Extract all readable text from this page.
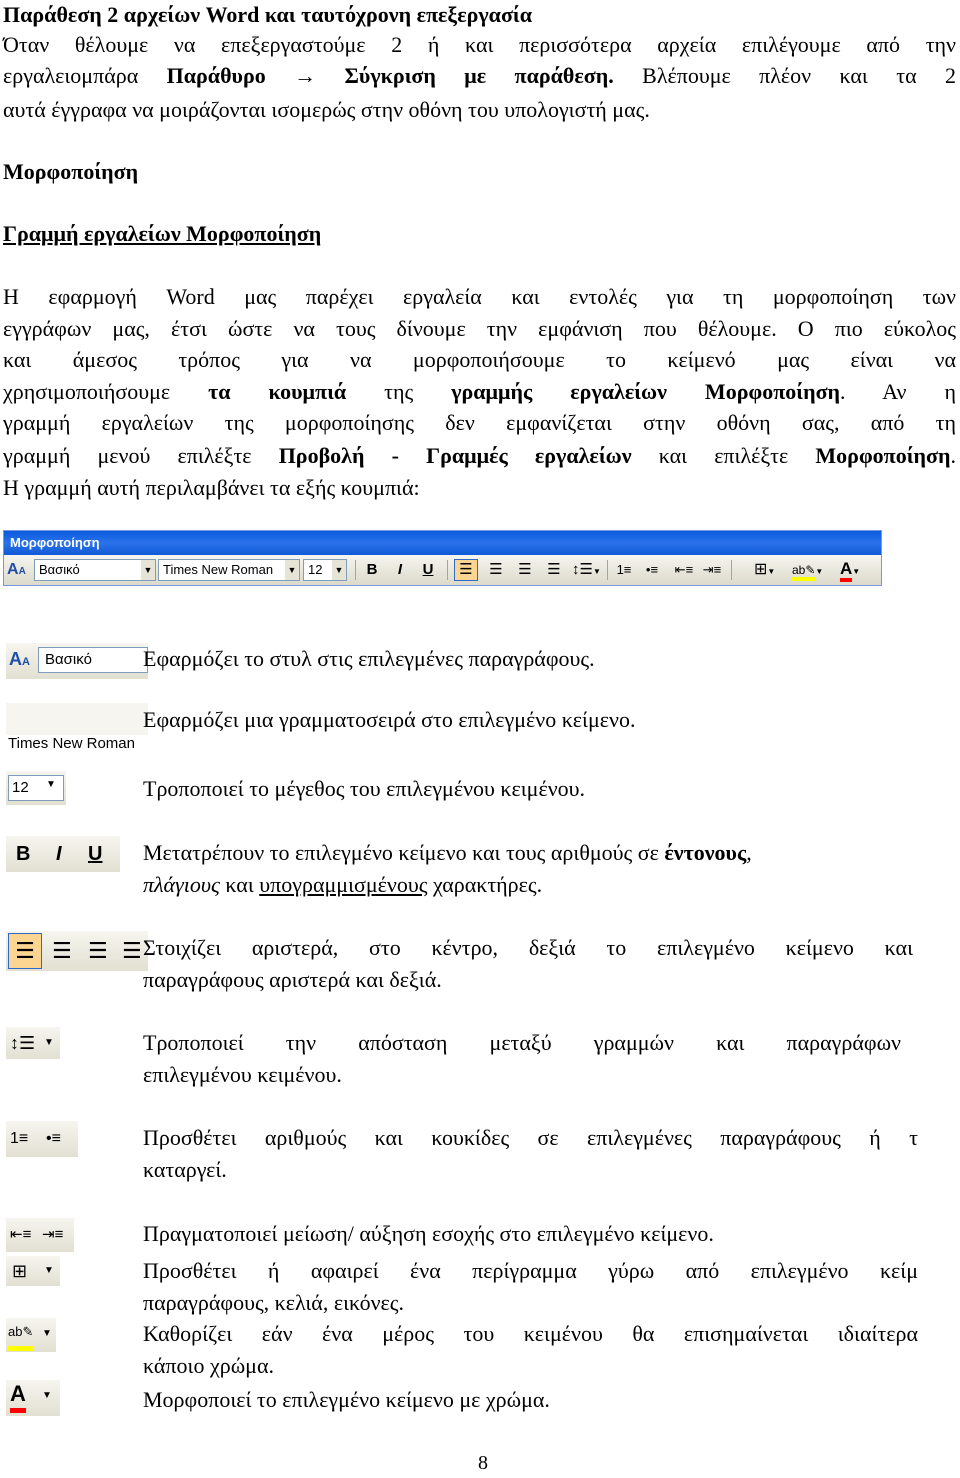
Παράθεση 2 αρχείων Word και ταυτόχρονη επεξεργασία
Όταν θέλουμε να επεξεργαστούμε 2 ή και περισσότερα αρχεία επιλέγουμε από την
εργαλειομπάρα Παράθυρο → Σύγκριση με παράθεση. Βλέπουμε πλέον και τα 2
αυτά έγγραφα να μοιράζονται ισομερώς στην οθόνη του υπολογιστή μας.
Μορφοποίηση
Γραμμή εργαλείων Μορφοποίηση
Η εφαρμογή Word μας παρέχει εργαλεία και εντολές για τη μορφοποίηση των
εγγράφων μας, έτσι ώστε να τους δίνουμε την εμφάνιση που θέλουμε. Ο πιο εύκολος
και άμεσος τρόπος για να μορφοποιήσουμε το κείμενό μας είναι να
χρησιμοποιήσουμε τα κουμπιά της γραμμής εργαλείων Μορφοποίηση. Αν η
γραμμή εργαλείων της μορφοποίησης δεν εμφανίζεται στην οθόνη σας, από τη
γραμμή μενού επιλέξτε Προβολή - Γραμμές εργαλείων και επιλέξτε Μορφοποίηση.
Η γραμμή αυτή περιλαμβάνει τα εξής κουμπιά:
Μορφοποίηση
AA	Βασικό	▼ Times New Roman ▼ 12 ▼	B	I	U	☰	☰	☰	☰ ↕☰▼	1≡	•≡	⇤≡ ⇥≡ ⊞▼	ab✎▼ A▼
AA	Βασικό	Εφαρμόζει το στυλ στις επιλεγμένες παραγράφους.
Times New Roman
Εφαρμόζει μια γραμματοσειρά στο επιλεγμένο κείμενο.
12	▼	Τροποποιεί το μέγεθος του επιλεγμένου κειμένου.
B I U Μετατρέπουν το επιλεγμένο κείμενο και τους αριθμούς σε έντονους,
πλάγιους και υπογραμμισμένους χαρακτήρες.
☰ ☰ ☰ ☰ Στοιχίζει αριστερά, στο κέντρο, δεξιά το επιλεγμένο κείμενο και
παραγράφους αριστερά και δεξιά.
↕☰ ▼	Τροποποιεί την απόσταση μεταξύ γραμμών και παραγράφων
επιλεγμένου κειμένου.
1≡ •≡	Προσθέτει αριθμούς και κουκίδες σε επιλεγμένες παραγράφους ή τ
καταργεί.
⇤≡ ⇥≡	Πραγματοποιεί μείωση/ αύξηση εσοχής στο επιλεγμένο κείμενο.
⊞ ▼	Προσθέτει ή αφαιρεί ένα περίγραμμα γύρω από επιλεγμένο κείμ
παραγράφους, κελιά, εικόνες.
ab✎ ▼	Καθορίζει εάν ένα μέρος του κειμένου θα επισημαίνεται ιδιαίτερα
κάποιο χρώμα.
A ▼	Μορφοποιεί το επιλεγμένο κείμενο με χρώμα.
8
